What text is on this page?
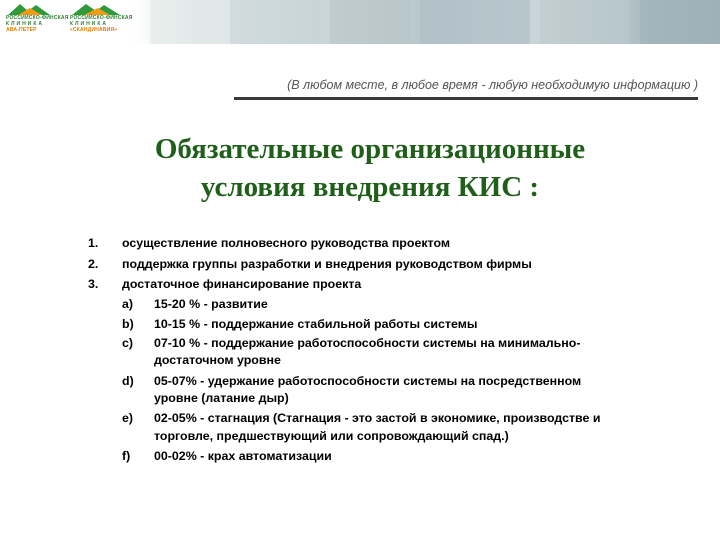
РОССИЙСКО-ФИНСКАЯ
КЛИНИКА
АВА-ПЕТЕР
РОССИЙСКО-ФИНСКАЯ
КЛИНИКА
«СКАНДИНАВИЯ»
(В любом месте, в любое время - любую необходимую информацию )
Обязательные организационные
условия внедрения КИС :
1. осуществление полновесного руководства проектом
2. поддержка группы разработки и внедрения руководством фирмы
3. достаточное финансирование проекта
a) 15-20 % - развитие
b) 10-15 % - поддержание стабильной работы системы
c) 07-10 % - поддержание работоспособности системы на минимально-
достаточном уровне
d) 05-07% - удержание работоспособности системы на посредственном
уровне (латание дыр)
e) 02-05% - стагнация (Стагнация - это застой в экономике, производстве и
торговле, предшествующий или сопровождающий спад.)
f) 00-02% - крах автоматизации
